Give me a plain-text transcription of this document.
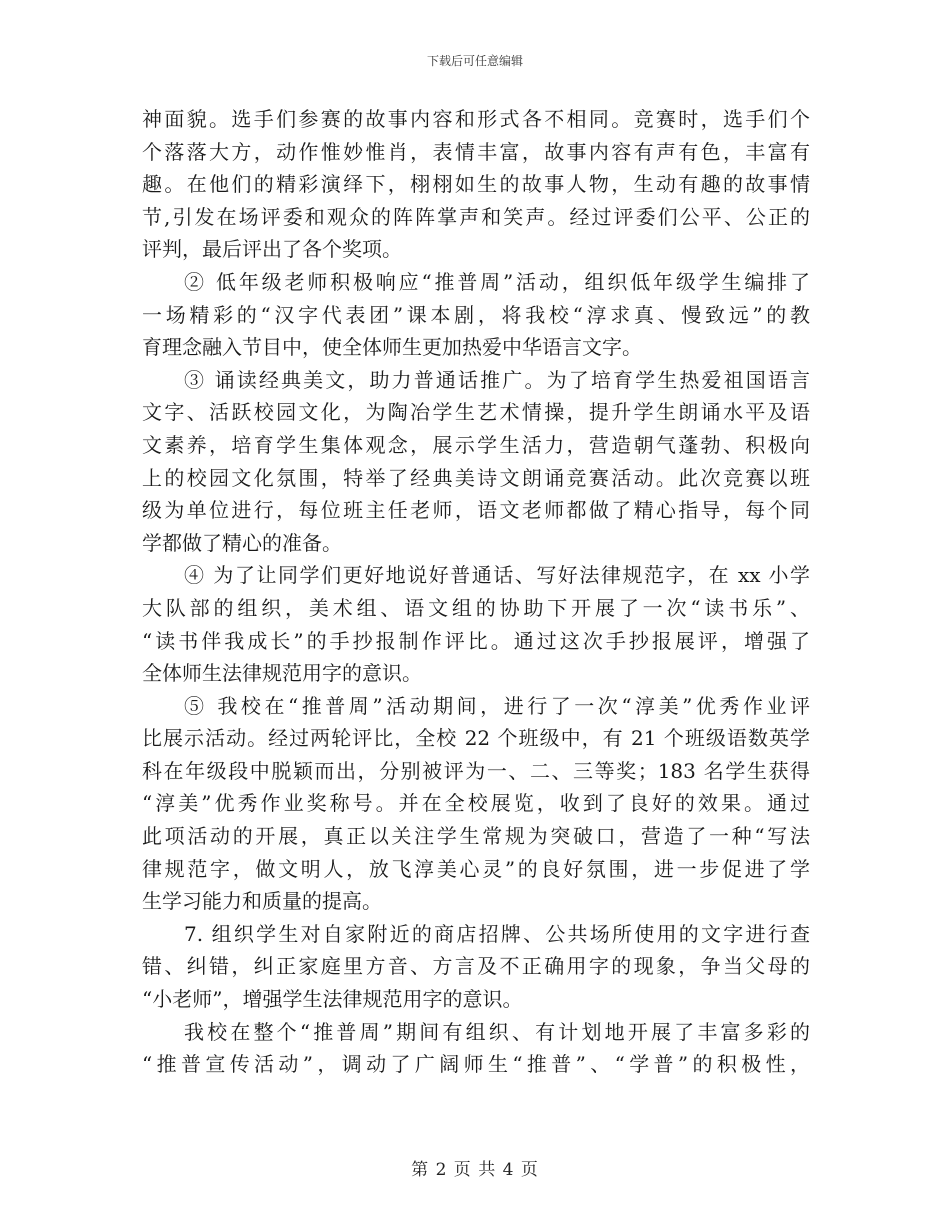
下载后可任意编辑
神面貌。选手们参赛的故事内容和形式各不相同。竞赛时，选手们个
个落落大方，动作惟妙惟肖，表情丰富，故事内容有声有色，丰富有
趣。在他们的精彩演绎下，栩栩如生的故事人物，生动有趣的故事情
节,引发在场评委和观众的阵阵掌声和笑声。经过评委们公平、公正的
评判，最后评出了各个奖项。
② 低年级老师积极响应“推普周”活动，组织低年级学生编排了
一场精彩的“汉字代表团”课本剧，将我校“淳求真、慢致远”的教
育理念融入节目中，使全体师生更加热爱中华语言文字。
③ 诵读经典美文，助力普通话推广。为了培育学生热爱祖国语言
文字、活跃校园文化，为陶冶学生艺术情操，提升学生朗诵水平及语
文素养，培育学生集体观念，展示学生活力，营造朝气蓬勃、积极向
上的校园文化氛围，特举了经典美诗文朗诵竞赛活动。此次竞赛以班
级为单位进行，每位班主任老师，语文老师都做了精心指导，每个同
学都做了精心的准备。
④ 为了让同学们更好地说好普通话、写好法律规范字，在 xx 小学
大队部的组织，美术组、语文组的协助下开展了一次“读书乐”、
“读书伴我成长”的手抄报制作评比。通过这次手抄报展评，增强了
全体师生法律规范用字的意识。
⑤ 我校在“推普周”活动期间，进行了一次“淳美”优秀作业评
比展示活动。经过两轮评比，全校 22 个班级中，有 21 个班级语数英学
科在年级段中脱颖而出，分别被评为一、二、三等奖；183 名学生获得
“淳美”优秀作业奖称号。并在全校展览，收到了良好的效果。通过
此项活动的开展，真正以关注学生常规为突破口，营造了一种“写法
律规范字，做文明人，放飞淳美心灵”的良好氛围，进一步促进了学
生学习能力和质量的提高。
7. 组织学生对自家附近的商店招牌、公共场所使用的文字进行查
错、纠错，纠正家庭里方音、方言及不正确用字的现象，争当父母的
“小老师”，增强学生法律规范用字的意识。
我校在整个“推普周”期间有组织、有计划地开展了丰富多彩的
“推普宣传活动”，调动了广阔师生“推普”、“学普”的积极性，
第 2 页 共 4 页
